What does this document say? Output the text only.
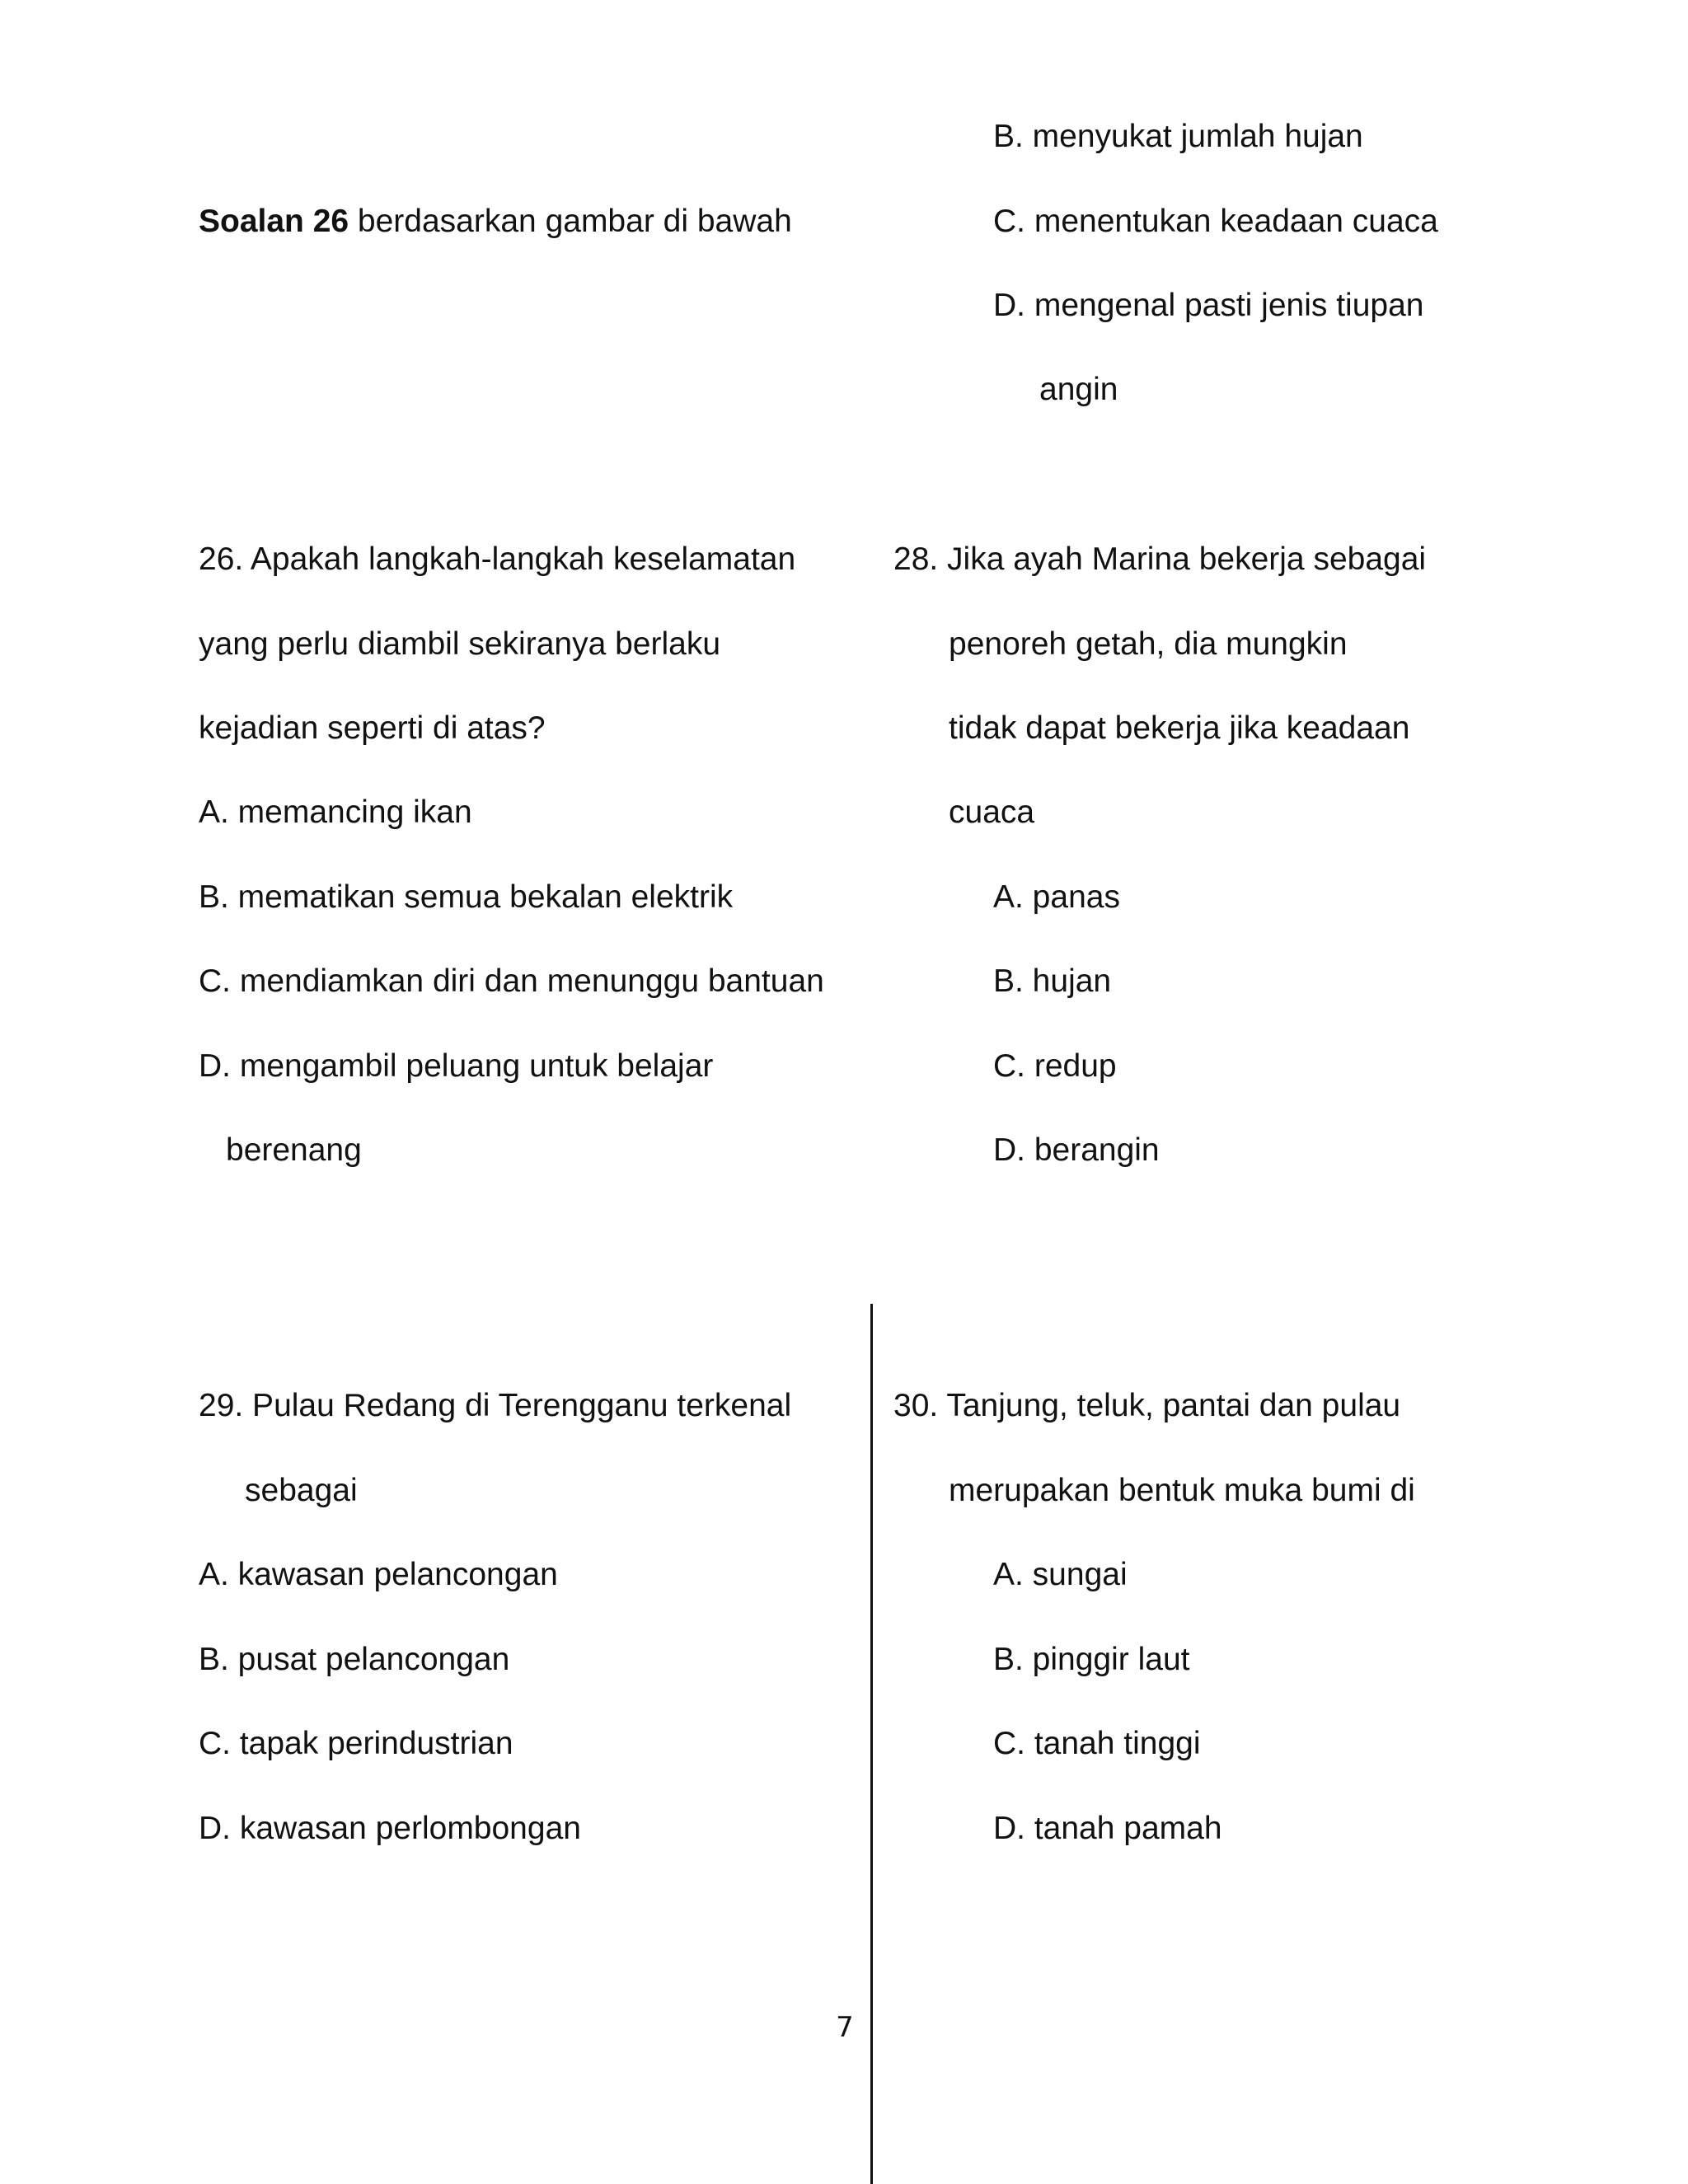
B. menyukat jumlah hujan
C. menentukan keadaan cuaca
D. mengenal pasti jenis tiupan
angin
Soalan 26 berdasarkan gambar di bawah
26. Apakah langkah-langkah keselamatan
yang perlu diambil sekiranya berlaku
kejadian seperti di atas?
A. memancing ikan
B. mematikan semua bekalan elektrik
C. mendiamkan diri dan menunggu bantuan
D. mengambil peluang untuk belajar
berenang
28. Jika ayah Marina bekerja sebagai
penoreh getah, dia mungkin
tidak dapat bekerja jika keadaan
cuaca
A. panas
B. hujan
C. redup
D. berangin
29. Pulau Redang di Terengganu terkenal
sebagai
A. kawasan pelancongan
B. pusat pelancongan
C. tapak perindustrian
D. kawasan perlombongan
30. Tanjung, teluk, pantai dan pulau
merupakan bentuk muka bumi di
A. sungai
B. pinggir laut
C. tanah tinggi
D. tanah pamah
7
